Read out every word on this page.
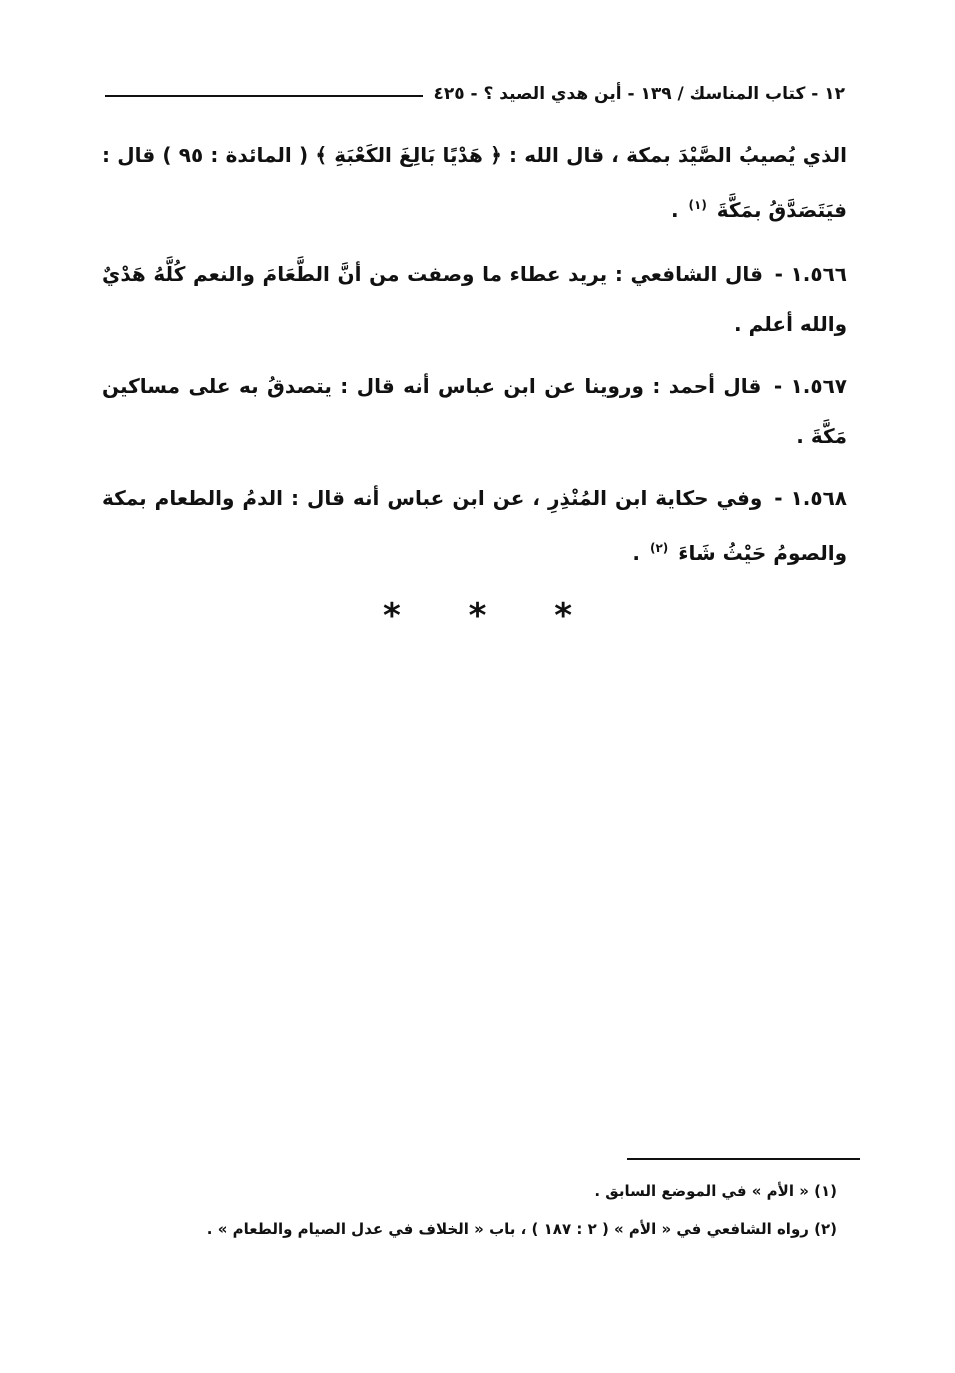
١٢ - كتاب المناسك / ١٣٩ - أين هدي الصيد ؟ - ٤٢٥

الذي يُصيبُ الصَّيْدَ بمكة ، قال الله : ﴿ هَدْيًا بَالِغَ الكَعْبَةِ ﴾ ( المائدة : ٩٥ ) قال : فيَتَصَدَّقُ بمَكَّةَ $^{(١)}$ .

١.٥٦٦ - قال الشافعي : يريد عطاء ما وصفت من أنَّ الطَّعَامَ والنعم كُلَّهُ هَدْيٌ والله أعلم .

١.٥٦٧ - قال أحمد : وروينا عن ابن عباس أنه قال : يتصدقُ به على مساكين مَكَّةَ .

١.٥٦٨ - وفي حكاية ابن المُنْذِرِ ، عن ابن عباس أنه قال : الدمُ والطعام بمكة والصومُ حَيْثُ شَاءَ $^{(٢)}$ .

* * *
(١) « الأم » في الموضع السابق .
(٢) رواه الشافعي في « الأم » ( ٢ : ١٨٧ ) ، باب « الخلاف في عدل الصيام والطعام » .
